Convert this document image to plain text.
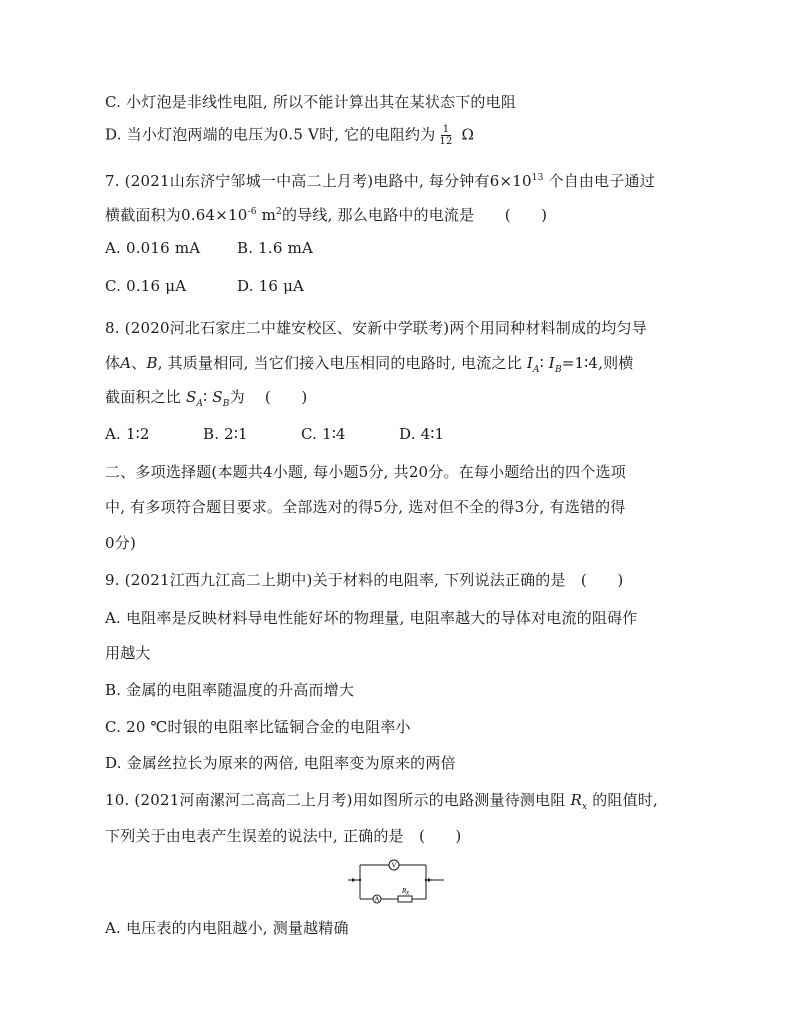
C. 小灯泡是非线性电阻, 所以不能计算出其在某状态下的电阻
D. 当小灯泡两端的电压为0.5 V时, 它的电阻约为 $\frac{1}{12}$ Ω
7. (2021山东济宁邹城一中高二上月考)电路中, 每分钟有$6\times 10^{13}$ 个自由电子通过
横截面积为$0.64\times 10^{-6}$ $m^2$的导线, 那么电路中的电流是　　(　　)
A. 0.016 mA B. 1.6 mA
C. 0.16 μA	D. 16 μA
8. (2020河北石家庄二中雄安校区、安新中学联考)两个用同种材料制成的均匀导
体A、B, 其质量相同, 当它们接入电压相同的电路时, 电流之比 $I_A∶$ $I_B=1∶4$,则横
截面积之比 $S_A∶$ $S_B$为　 (　　)
A. 1∶2	B. 2∶1	C. 1∶4	D. 4∶1
二、多项选择题(本题共4小题, 每小题5分, 共20分。在每小题给出的四个选项
中, 有多项符合题目要求。全部选对的得5分, 选对但不全的得3分, 有选错的得
0分)
9. (2021江西九江高二上期中)关于材料的电阻率, 下列说法正确的是　(　　)
A. 电阻率是反映材料导电性能好坏的物理量, 电阻率越大的导体对电流的阻碍作
用越大
B. 金属的电阻率随温度的升高而增大
C. 20 ℃时银的电阻率比锰铜合金的电阻率小
D. 金属丝拉长为原来的两倍, 电阻率变为原来的两倍
10. (2021河南漯河二高高二上月考)用如图所示的电路测量待测电阻 $R_x$ 的阻值时,
下列关于由电表产生误差的说法中, 正确的是　(　　)
V
A
R x
A. 电压表的内电阻越小, 测量越精确
